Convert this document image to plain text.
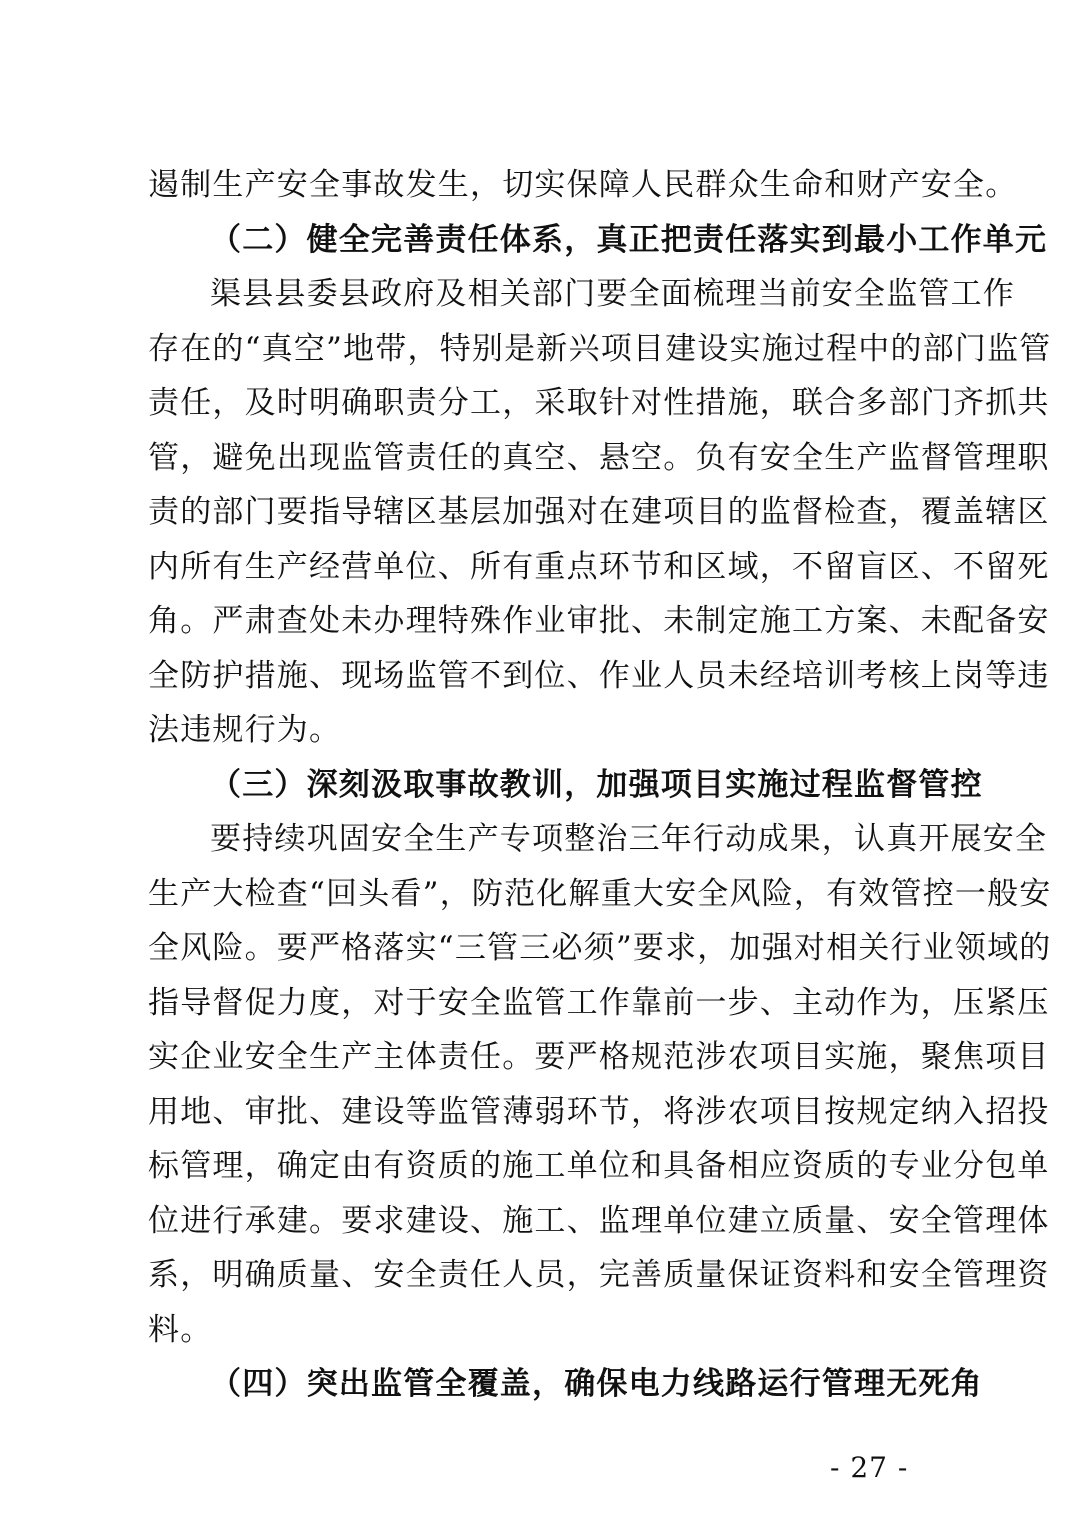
遏制生产安全事故发生，切实保障人民群众生命和财产安全。
（二）健全完善责任体系，真正把责任落实到最小工作单元
渠县县委县政府及相关部门要全面梳理当前安全监管工作
存在的“真空”地带，特别是新兴项目建设实施过程中的部门监管
责任，及时明确职责分工，采取针对性措施，联合多部门齐抓共
管，避免出现监管责任的真空、悬空。负有安全生产监督管理职
责的部门要指导辖区基层加强对在建项目的监督检查，覆盖辖区
内所有生产经营单位、所有重点环节和区域，不留盲区、不留死
角。严肃查处未办理特殊作业审批、未制定施工方案、未配备安
全防护措施、现场监管不到位、作业人员未经培训考核上岗等违
法违规行为。
（三）深刻汲取事故教训，加强项目实施过程监督管控
要持续巩固安全生产专项整治三年行动成果，认真开展安全
生产大检查“回头看”，防范化解重大安全风险，有效管控一般安
全风险。要严格落实“三管三必须”要求，加强对相关行业领域的
指导督促力度，对于安全监管工作靠前一步、主动作为，压紧压
实企业安全生产主体责任。要严格规范涉农项目实施，聚焦项目
用地、审批、建设等监管薄弱环节，将涉农项目按规定纳入招投
标管理，确定由有资质的施工单位和具备相应资质的专业分包单
位进行承建。要求建设、施工、监理单位建立质量、安全管理体
系，明确质量、安全责任人员，完善质量保证资料和安全管理资
料。
（四）突出监管全覆盖，确保电力线路运行管理无死角
- 27 -
